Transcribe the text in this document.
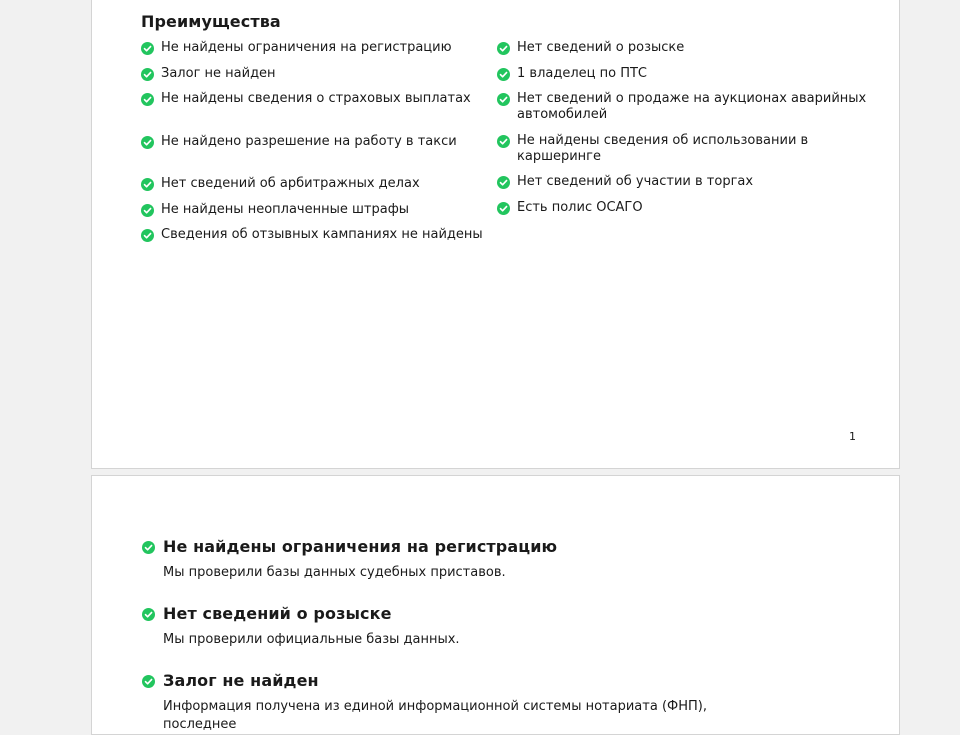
Преимущества
Не найдены ограничения на регистрацию
Залог не найден
Не найдены сведения о страховых выплатах
Не найдено разрешение на работу в такси
Нет сведений об арбитражных делах
Не найдены неоплаченные штрафы
Сведения об отзывных кампаниях не найдены
Нет сведений о розыске
1 владелец по ПТС
Нет сведений о продаже на аукционах аварийных автомобилей
Не найдены сведения об использовании в каршеринге
Нет сведений об участии в торгах
Есть полис ОСАГО
1
Не найдены ограничения на регистрацию
Мы проверили базы данных судебных приставов.
Нет сведений о розыске
Мы проверили официальные базы данных.
Залог не найден
Информация получена из единой информационной системы нотариата (ФНП), последнее
